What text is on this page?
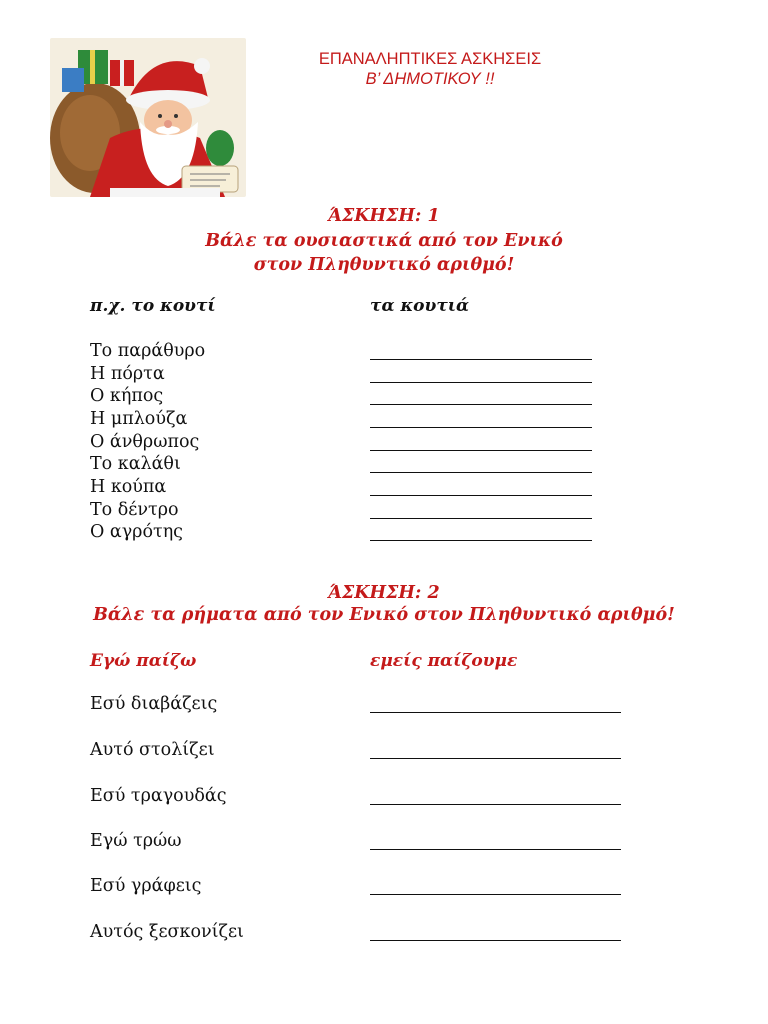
ΕΠΑΝΑΛΗΠΤΙΚΕΣ ΑΣΚΗΣΕΙΣ
Β’ ΔΗΜΟΤΙΚΟΥ !!
ΆΣΚΗΣΗ: 1
Βάλε τα ουσιαστικά από τον Ενικό
στον Πληθυντικό αριθμό!
π.χ. το κουτί	τα κουτιά
Το παράθυρο
Η πόρτα
Ο κήπος
Η μπλούζα
Ο άνθρωπος
Το καλάθι
Η κούπα
Το δέντρο
Ο αγρότης
ΆΣΚΗΣΗ: 2
Βάλε τα ρήματα από τον Ενικό στον Πληθυντικό αριθμό!
Εγώ παίζω	εμείς παίζουμε
Εσύ διαβάζεις
Αυτό στολίζει
Εσύ τραγουδάς
Εγώ τρώω
Εσύ γράφεις
Αυτός ξεσκονίζει
